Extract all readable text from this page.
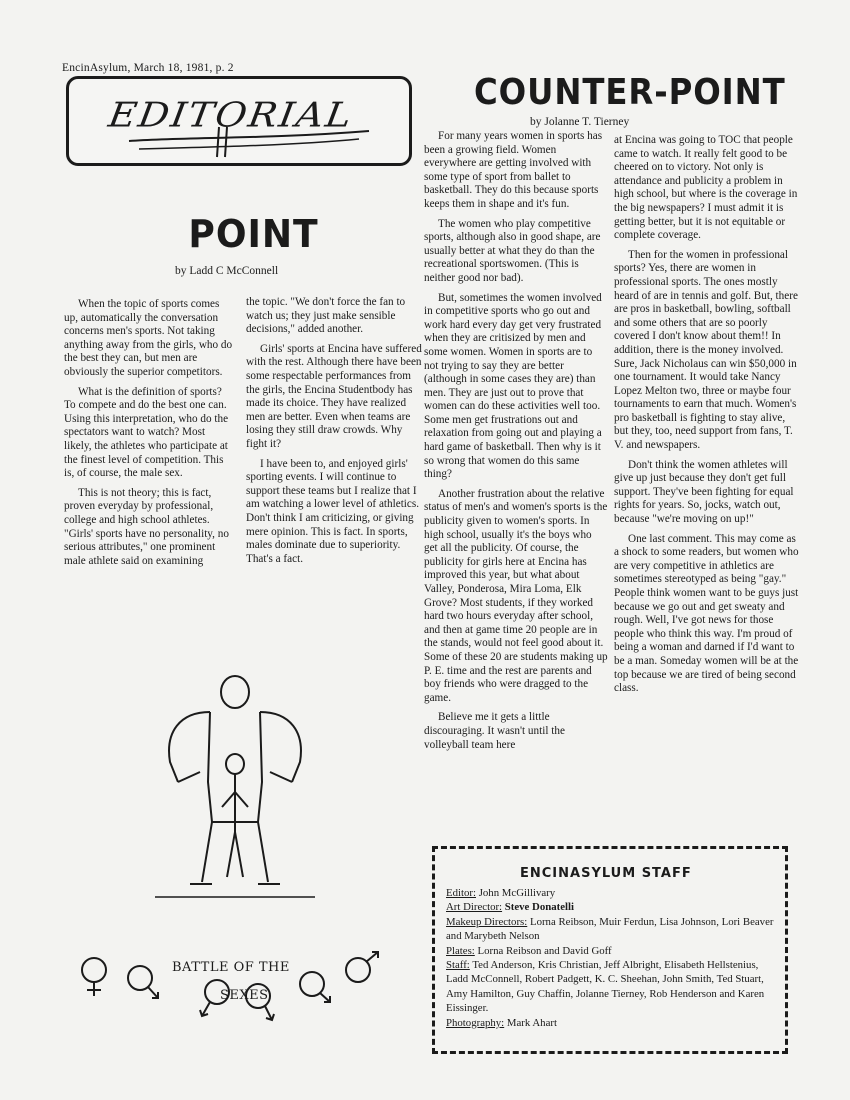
EncinAsylum, March 18, 1981, p. 2
EDITORIAL
POINT
by Ladd C McConnell

When the topic of sports comes up, automatically the conversation concerns men's sports. Not taking anything away from the girls, who do the best they can, but men are obviously the superior competitors.

What is the definition of sports? To compete and do the best one can. Using this interpretation, who do the spectators want to watch? Most likely, the athletes who participate at the finest level of competition. This is, of course, the male sex.

This is not theory; this is fact, proven everyday by professional, college and high school athletes. "Girls' sports have no personality, no serious attributes," one prominent male athlete said on examining

the topic. "We don't force the fan to watch us; they just make sensible decisions," added another.

Girls' sports at Encina have suffered with the rest. Although there have been some respectable performances from the girls, the Encina Studentbody has made its choice. They have realized men are better. Even when teams are losing they still draw crowds. Why fight it?

I have been to, and enjoyed girls' sporting events. I will continue to support these teams but I realize that I am watching a lower level of athletics. Don't think I am criticizing, or giving mere opinion. This is fact. In sports, males dominate due to superiority. That's a fact.

COUNTER-POINT
by Jolanne T. Tierney

For many years women in sports has been a growing field. Women everywhere are getting involved with some type of sport from ballet to basketball. They do this because sports keeps them in shape and it's fun.

The women who play competitive sports, although also in good shape, are usually better at what they do than the recreational sportswomen. (This is neither good nor bad).

But, sometimes the women involved in competitive sports who go out and work hard every day get very frustrated when they are critisized by men and some women. Women in sports are to not trying to say they are better (although in some cases they are) than men. They are just out to prove that women can do these activities well too. Some men get frustrations out and relaxation from going out and playing a hard game of basketball. Then why is it so wrong that women do this same thing?

Another frustration about the relative status of men's and women's sports is the publicity given to women's sports. In high school, usually it's the boys who get all the publicity. Of course, the publicity for girls here at Encina has improved this year, but what about Valley, Ponderosa, Mira Loma, Elk Grove? Most students, if they worked hard two hours everyday after school, and then at game time 20 people are in the stands, would not feel good about it. Some of these 20 are students making up P. E. time and the rest are parents and boy friends who were dragged to the game.

Believe me it gets a little discouraging. It wasn't until the volleyball team here

at Encina was going to TOC that people came to watch. It really felt good to be cheered on to victory. Not only is attendance and publicity a problem in high school, but where is the coverage in the big newspapers? I must admit it is getting better, but it is not equitable or complete coverage.

Then for the women in professional sports? Yes, there are women in professional sports. The ones mostly heard of are in tennis and golf. But, there are pros in basketball, bowling, softball and some others that are so poorly covered I don't know about them!! In addition, there is the money involved. Sure, Jack Nicholaus can win $50,000 in one tournament. It would take Nancy Lopez Melton two, three or maybe four tournaments to earn that much. Women's pro basketball is fighting to stay alive, but they, too, need support from fans, T. V. and newspapers.

Don't think the women athletes will give up just because they don't get full support. They've been fighting for equal rights for years. So, jocks, watch out, because "we're moving on up!"

One last comment. This may come as a shock to some readers, but women who are very competitive in athletics are sometimes stereotyped as being "gay." People think women want to be guys just because we go out and get sweaty and rough. Well, I've got news for those people who think this way. I'm proud of being a woman and darned if I'd want to be a man. Someday women will be at the top because we are tired of being second class.

BATTLE OF THE
SEXES
ENCINASYLUM STAFF
Editor: John McGillivary
Art Director: Steve Donatelli
Makeup Directors: Lorna Reibson, Muir Ferdun, Lisa Johnson, Lori Beaver and Marybeth Nelson
Plates: Lorna Reibson and David Goff
Staff: Ted Anderson, Kris Christian, Jeff Albright, Elisabeth Hellstenius, Ladd McConnell, Robert Padgett, K. C. Sheehan, John Smith, Ted Stuart, Amy Hamilton, Guy Chaffin, Jolanne Tierney, Rob Henderson and Karen Eissinger.
Photography: Mark Ahart
